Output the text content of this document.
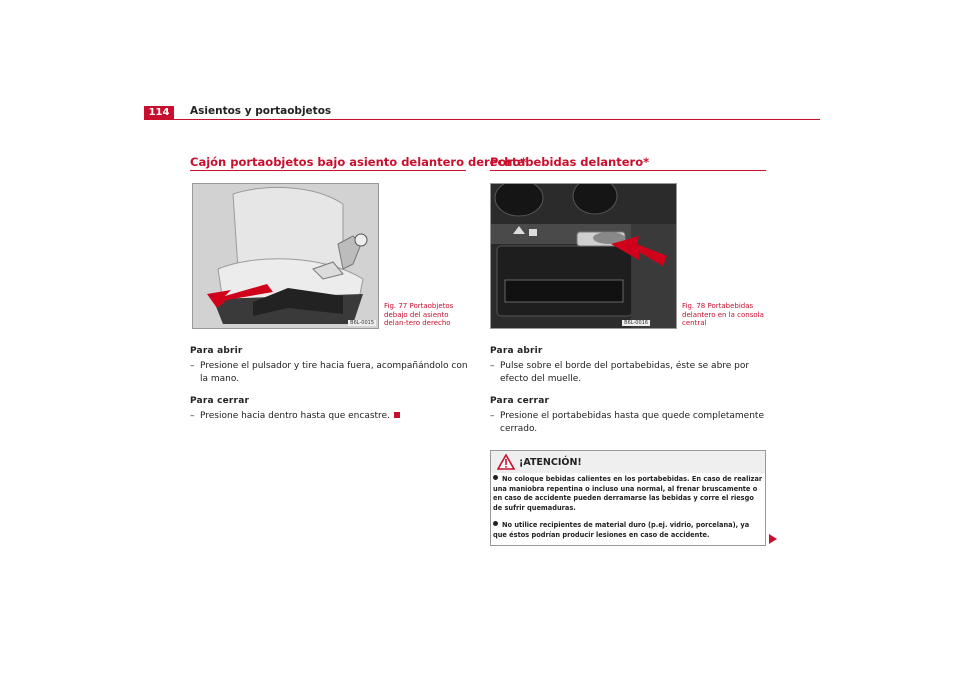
114	Asientos y portaobjetos
Cajón portaobjetos bajo asiento delantero derecho*
B6L-0015
Fig. 77 Portaobjetos debajo del asiento delan-tero derecho
Para abrir
– Presione el pulsador y tire hacia fuera, acompañándolo con la mano.
Para cerrar
– Presione hacia dentro hasta que encastre.
Portabebidas delantero*
B6L-0016
Fig. 78 Portabebidas delantero en la consola central
Para abrir
– Pulse sobre el borde del portabebidas, éste se abre por efecto del muelle.
Para cerrar
– Presione el portabebidas hasta que quede completamente cerrado.
¡ATENCIÓN!
No coloque bebidas calientes en los portabebidas. En caso de realizar una maniobra repentina o incluso una normal, al frenar bruscamente o en caso de accidente pueden derramarse las bebidas y corre el riesgo de sufrir quemaduras.
No utilice recipientes de material duro (p.ej. vidrio, porcelana), ya que éstos podrían producir lesiones en caso de accidente.
